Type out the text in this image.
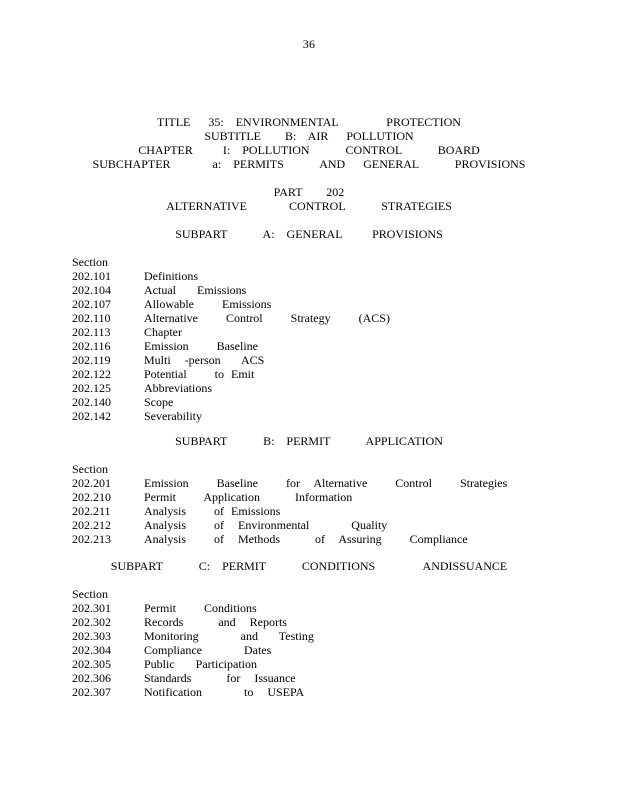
36
TITLE   35:  ENVIRONMENTAL        PROTECTION
SUBTITLE    B:  AIR   POLLUTION
CHAPTER     I:  POLLUTION      CONTROL      BOARD
SUBCHAPTER       a:  PERMITS      AND   GENERAL      PROVISIONS
PART    202
ALTERNATIVE       CONTROL      STRATEGIES
SUBPART      A:  GENERAL     PROVISIONS
Section
202.101	Definitions
202.104	Actual   Emissions
202.107	Allowable    Emissions
202.110	Alternative    Control    Strategy    (ACS)
202.113	Chapter
202.116	Emission    Baseline
202.119	Multi  -person   ACS
202.122	Potential    to Emit
202.125	Abbreviations
202.140	Scope
202.142	Severability
SUBPART      B:  PERMIT      APPLICATION
Section
202.201	Emission    Baseline    for  Alternative    Control    Strategies
202.210	Permit    Application     Information
202.211	Analysis    of Emissions
202.212	Analysis    of  Environmental      Quality
202.213	Analysis    of  Methods     of  Assuring    Compliance
SUBPART      C:  PERMIT      CONDITIONS        ANDISSUANCE
Section
202.301	Permit    Conditions
202.302	Records     and  Reports
202.303	Monitoring      and   Testing
202.304	Compliance      Dates
202.305	Public   Participation
202.306	Standards     for  Issuance
202.307	Notification      to  USEPA
